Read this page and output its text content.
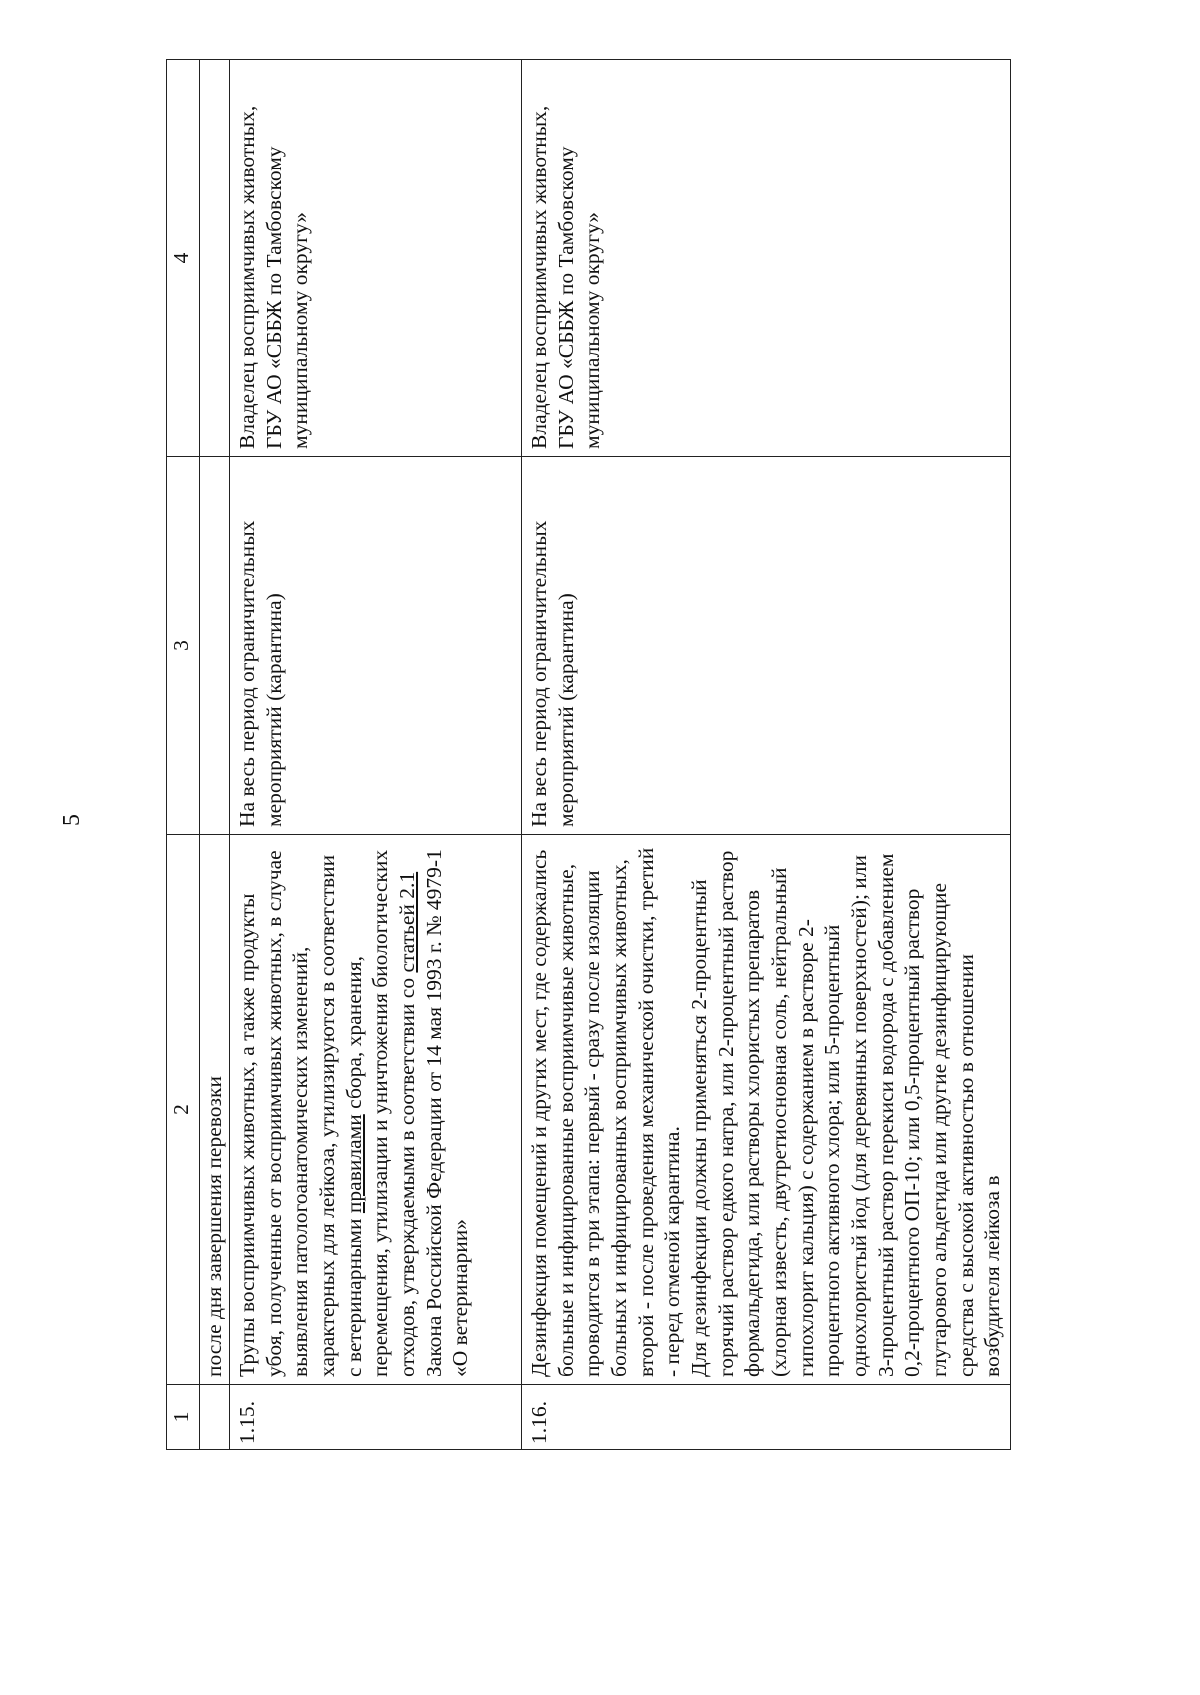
5
1	2	3	4
	после дня завершения перевозки		
1.15.	Трупы восприимчивых животных, а также продукты убоя, полученные от восприимчивых животных, в случае выявления патологоанатомических изменений, характерных для лейкоза, утилизируются в соответствии с ветеринарными правилами сбора, хранения, перемещения, утилизации и уничтожения биологических отходов, утверждаемыми в соответствии со статьей 2.1 Закона Российской Федерации от 14 мая 1993 г. № 4979-1 «О ветеринарии»	На весь период ограничительных мероприятий (карантина)	Владелец восприимчивых животных, ГБУ АО «СББЖ по Тамбовскому муниципальному округу»
1.16.	Дезинфекция помещений и других мест, где содержались больные и инфицированные восприимчивые животные, проводится в три этапа: первый - сразу после изоляции больных и инфицированных восприимчивых животных, второй - после проведения механической очистки, третий - перед отменой карантина. Для дезинфекции должны применяться 2-процентный горячий раствор едкого натра, или 2-процентный раствор формальдегида, или растворы хлористых препаратов (хлорная известь, двутретиосновная соль, нейтральный гипохлорит кальция) с содержанием в растворе 2-процентного активного хлора; или 5-процентный однохлористый йод (для деревянных поверхностей); или 3-процентный раствор перекиси водорода с добавлением 0,2-процентного ОП-10; или 0,5-процентный раствор глутарового альдегида или другие дезинфицирующие средства с высокой активностью в отношении возбудителя лейкоза в	На весь период ограничительных мероприятий (карантина)	Владелец восприимчивых животных, ГБУ АО «СББЖ по Тамбовскому муниципальному округу»
